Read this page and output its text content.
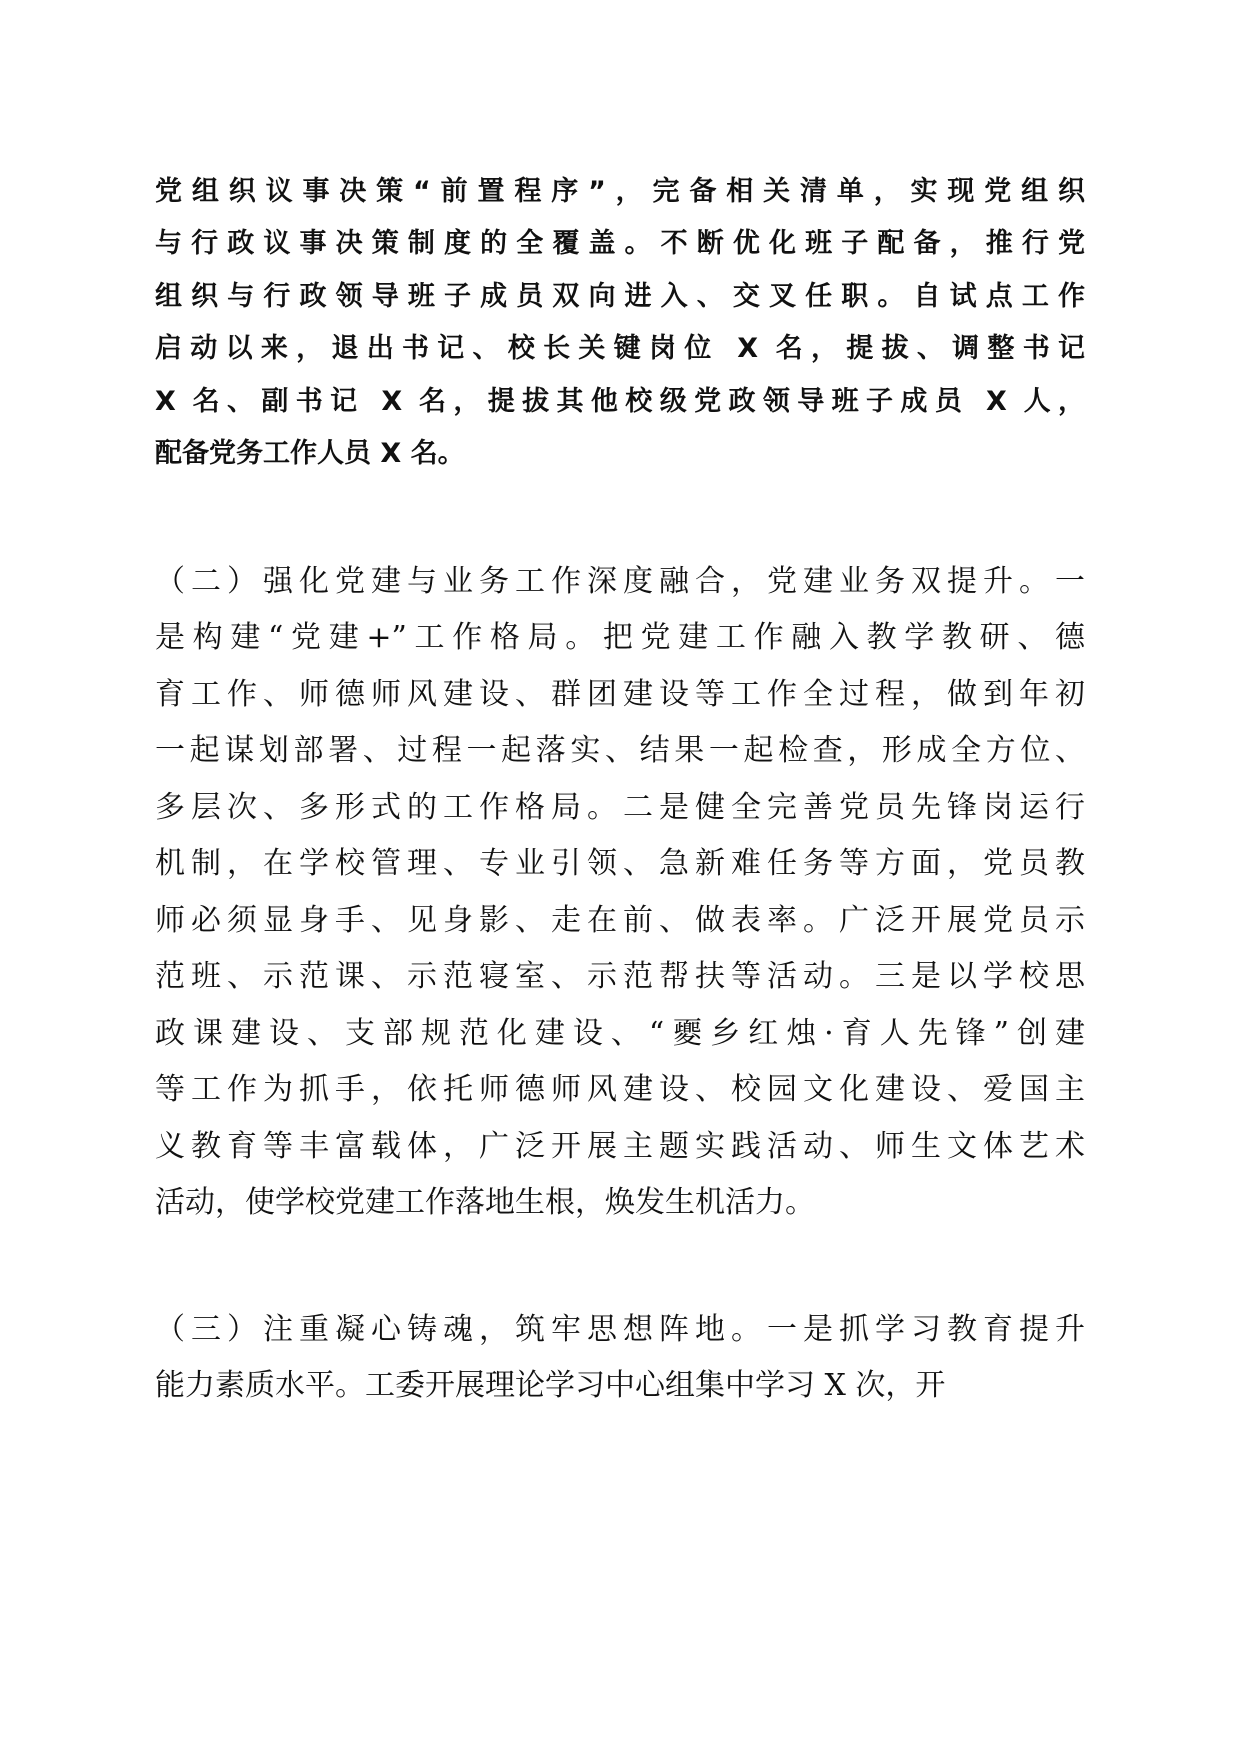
党组织议事决策“前置程序”，完备相关清单，实现党组织

与行政议事决策制度的全覆盖。不断优化班子配备，推行党

组织与行政领导班子成员双向进入、交叉任职。自试点工作

启动以来，退出书记、校长关键岗位 X 名，提拔、调整书记

X 名、副书记 X 名，提拔其他校级党政领导班子成员 X 人，

配备党务工作人员 X 名。

（二）强化党建与业务工作深度融合，党建业务双提升。一

是构建“党建+”工作格局。把党建工作融入教学教研、德

育工作、师德师风建设、群团建设等工作全过程，做到年初

一起谋划部署、过程一起落实、结果一起检查，形成全方位、

多层次、多形式的工作格局。二是健全完善党员先锋岗运行

机制，在学校管理、专业引领、急新难任务等方面，党员教

师必须显身手、见身影、走在前、做表率。广泛开展党员示

范班、示范课、示范寝室、示范帮扶等活动。三是以学校思

政课建设、支部规范化建设、“夒乡红烛·育人先锋”创建

等工作为抓手，依托师德师风建设、校园文化建设、爱国主

义教育等丰富载体，广泛开展主题实践活动、师生文体艺术

活动，使学校党建工作落地生根，焕发生机活力。

（三）注重凝心铸魂，筑牢思想阵地。一是抓学习教育提升

能力素质水平。工委开展理论学习中心组集中学习 X 次，开
